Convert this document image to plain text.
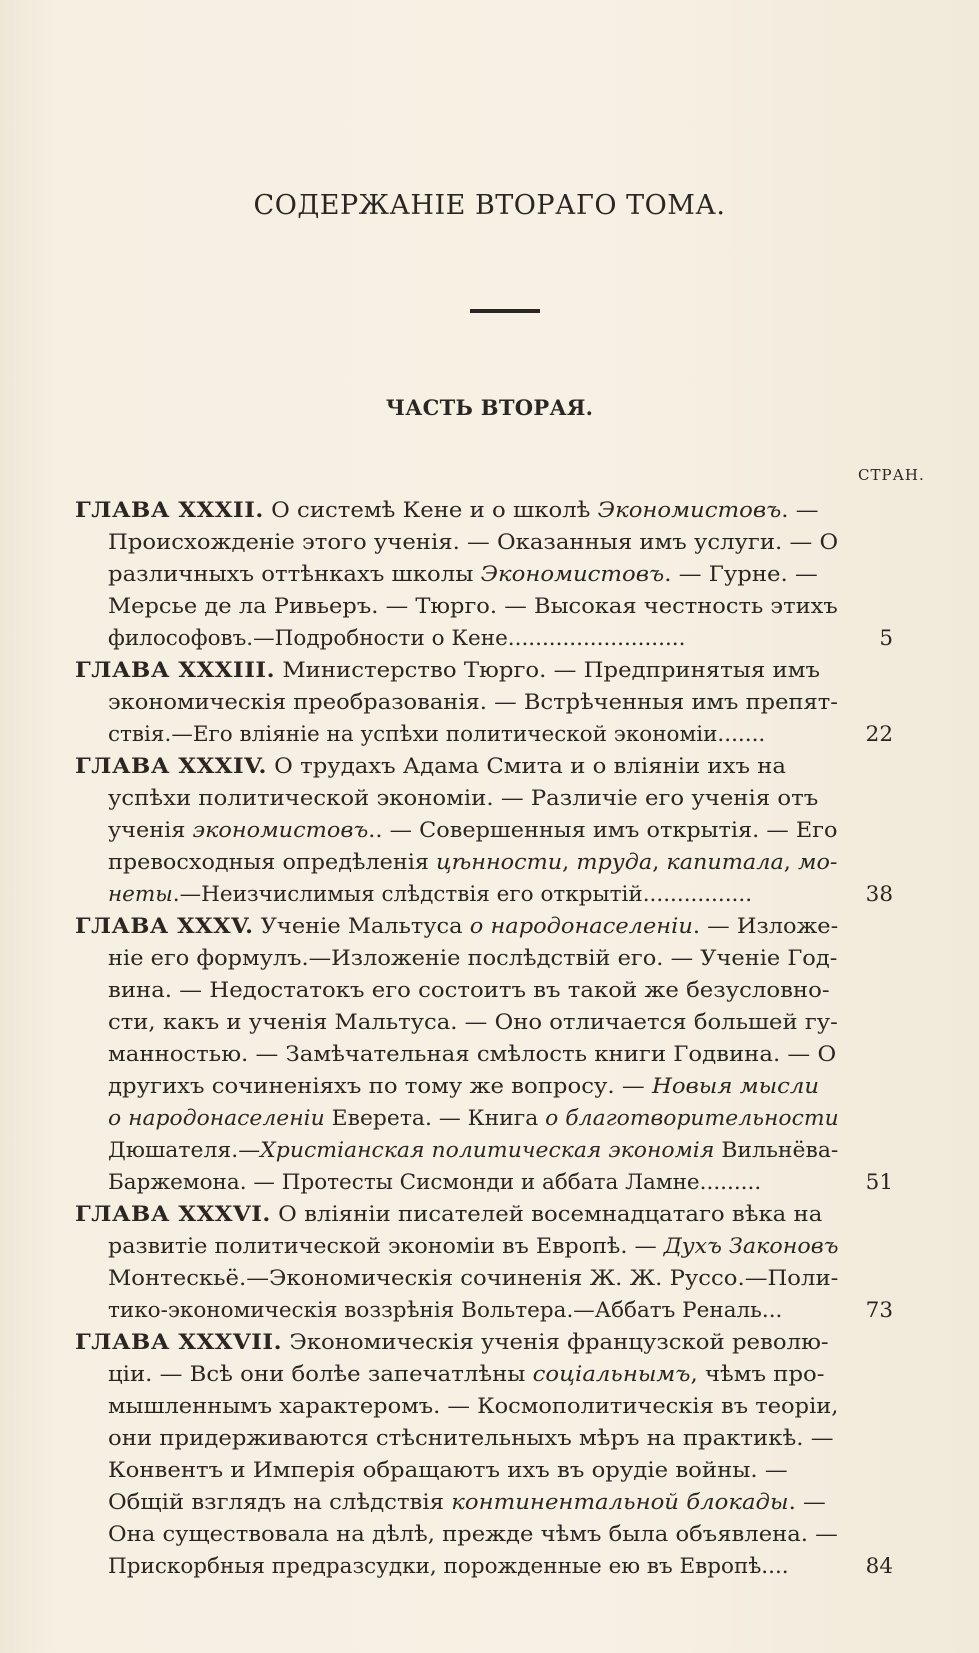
СОДЕРЖАНІЕ ВТОРАГО ТОМА.
ЧАСТЬ ВТОРАЯ.
СТРАН.
ГЛАВА XXXII. О системѣ Кене и о школѣ Экономистовъ. —
Происхожденіе этого ученія. — Оказанныя имъ услуги. — О
различныхъ оттѣнкахъ школы Экономистовъ. — Гурне. —
Мерсье де ла Ривьеръ. — Тюрго. — Высокая честность этихъ
философовъ.—Подробности о Кене..........................	5
ГЛАВА XXXIII. Министерство Тюрго. — Предпринятыя имъ
экономическія преобразованія. — Встрѣченныя имъ препят-
ствія.—Его вліяніе на успѣхи политической экономіи.......	22
ГЛАВА XXXIV. О трудахъ Адама Смита и о вліяніи ихъ на
успѣхи политической экономіи. — Различіе его ученія отъ
ученія экономистовъ.. — Совершенныя имъ открытія. — Его
превосходныя опредѣленія цѣнности, труда, капитала, мо-
неты.—Неизчислимыя слѣдствія его открытій................	38
ГЛАВА XXXV. Ученіе Мальтуса о народонаселеніи. — Изложе-
ніе его формулъ.—Изложеніе послѣдствій его. — Ученіе Год-
вина. — Недостатокъ его состоитъ въ такой же безусловно-
сти, какъ и ученія Мальтуса. — Оно отличается большей гу-
манностью. — Замѣчательная смѣлость книги Годвина. — О
другихъ сочиненіяхъ по тому же вопросу. — Новыя мысли
о народонаселеніи Еверета. — Книга о благотворительности
Дюшателя.—Христіанская политическая экономія Вильнёва-
Баржемона. — Протесты Сисмонди и аббата Ламне.........	51
ГЛАВА XXXVI. О вліяніи писателей восемнадцатаго вѣка на
развитіе политической экономіи въ Европѣ. — Духъ Законовъ
Монтескьё.—Экономическія сочиненія Ж. Ж. Руссо.—Поли-
тико-экономическія воззрѣнія Вольтера.—Аббатъ Реналь...	73
ГЛАВА XXXVII. Экономическія ученія французской револю-
ціи. — Всѣ они болѣе запечатлѣны соціальнымъ, чѣмъ про-
мышленнымъ характеромъ. — Космополитическія въ теоріи,
они придерживаются стѣснительныхъ мѣръ на практикѣ. —
Конвентъ и Имперія обращаютъ ихъ въ орудіе войны. —
Общій взглядъ на слѣдствія континентальной блокады. —
Она существовала на дѣлѣ, прежде чѣмъ была объявлена. —
Прискорбныя предразсудки, порожденные ею въ Европѣ....	84
